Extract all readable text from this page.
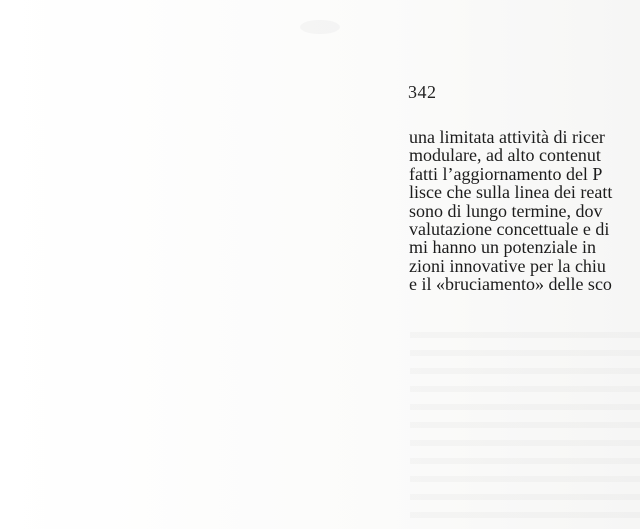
342
una limitata attività di ricer
modulare, ad alto contenut
fatti l’aggiornamento del P
lisce che sulla linea dei reatt
sono di lungo termine, dov
valutazione concettuale e di
mi hanno un potenziale in
zioni innovative per la chiu
e il «bruciamento» delle sco
